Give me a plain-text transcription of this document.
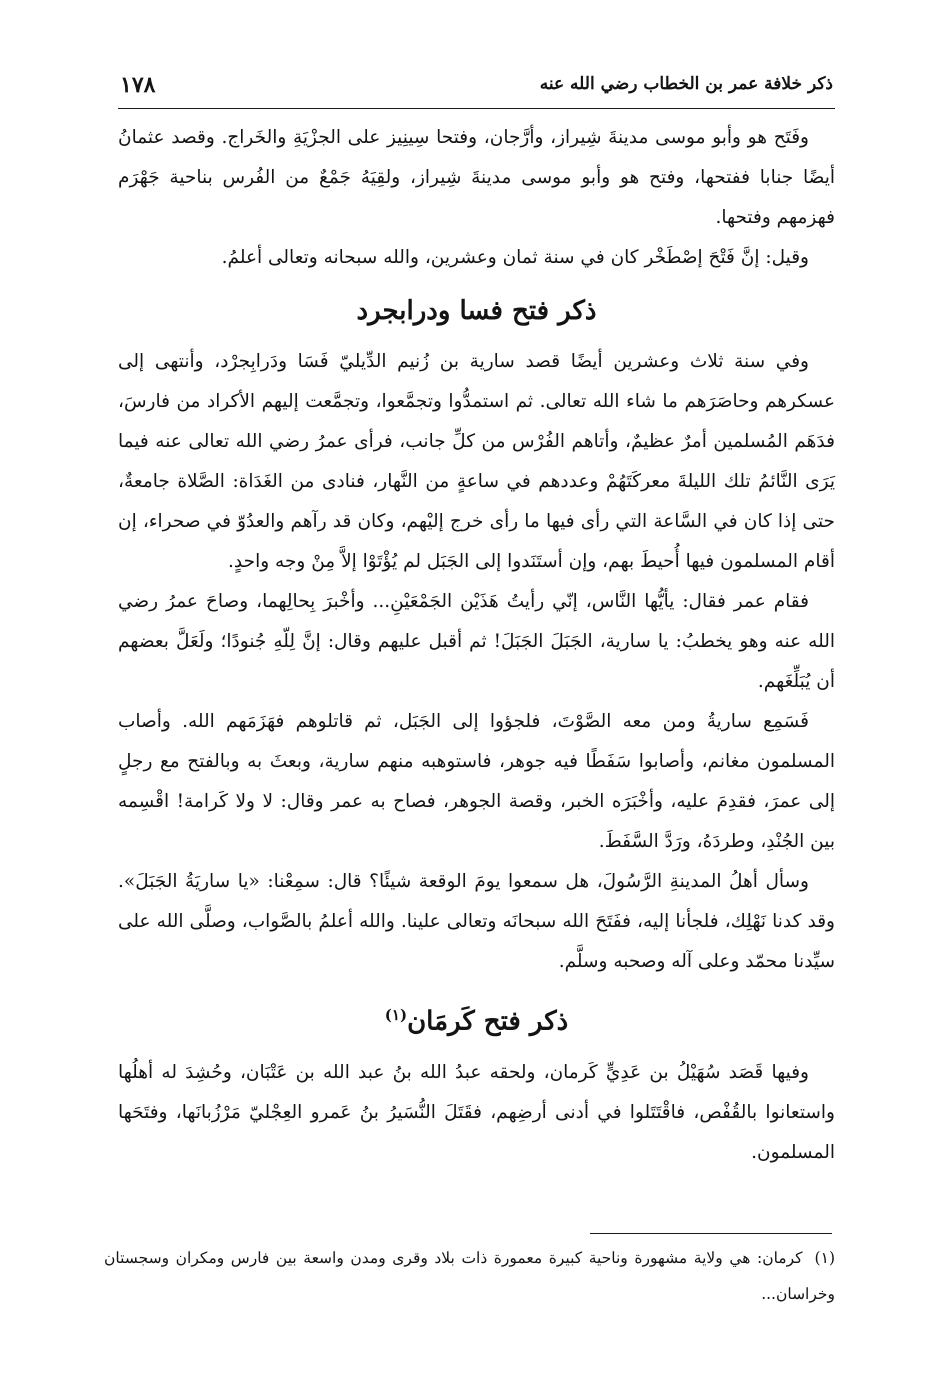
ذكر خلافة عمر بن الخطاب رضي الله عنه
١٧٨

وفَتَح هو وأبو موسى مدينةَ شِيراز، وأرَّجان، وفتحا سِينِيز على الجزْيَةِ والخَراج. وقصد عثمانُ أيضًا جنابا ففتحها، وفتح هو وأبو موسى مدينةَ شِيراز، ولقِيَهُ جَمْعٌ من الفُرس بناحية جَهْرَم فهزمهم وفتحها.

وقيل: إنَّ فَتْحَ إصْطَخْر كان في سنة ثمان وعشرين، والله سبحانه وتعالى أعلمُ.

ذكر فتح فسا ودرابجرد

وفي سنة ثلاث وعشرين أيضًا قصد سارية بن زُنيم الدِّيليّ فَسَا ودَرابِجرْد، وأنتهى إلى عسكرهم وحاصَرَهم ما شاء الله تعالى. ثم استمدُّوا وتجمَّعوا، وتجمَّعت إليهم الأكراد من فارسَ، فدَهَم المُسلمين أمرٌ عظيمٌ، وأتاهم الفُرْس من كلِّ جانب، فرأى عمرُ رضي الله تعالى عنه فيما يَرَى النَّائمُ تلك الليلةَ معركَتَهُمْ وعددهم في ساعةٍ من النَّهار، فنادى من الغَدَاة: الصَّلاة جامعةٌ، حتى إذا كان في السَّاعة التي رأى فيها ما رأى خرج إليْهم، وكان قد رآهم والعدُوّ في صحراء، إن أقام المسلمون فيها أُحيطَ بهم، وإن أستَنَدوا إلى الجَبَل لم يُؤْتَوْا إلاَّ مِنْ وجه واحدٍ.

فقام عمر فقال: يأيُّها النَّاس، إنّي رأيتُ هَذَيْن الجَمْعَيْنِ... وأخْبرَ بِحالِهما، وصاحَ عمرُ رضي الله عنه وهو يخطبُ: يا سارية، الجَبَلَ الجَبَلَ! ثم أقبل عليهم وقال: إنَّ لِلّهِ جُنودًا؛ ولَعَلَّ بعضهم أن يُبَلِّغَهم.

فَسَمِع ساريةُ ومن معه الصَّوْتَ، فلجؤوا إلى الجَبَل، ثم قاتلوهم فهَزَمَهم الله. وأصاب المسلمون مغانم، وأصابوا سَفَطًا فيه جوهر، فاستوهبه منهم سارية، وبعثَ به وبالفتح مع رجلٍ إلى عمرَ، فقدِمَ عليه، وأخْبَرَه الخبر، وقصة الجوهر، فصاح به عمر وقال: لا ولا كَرامة! اقْسِمه بين الجُنْدِ، وطردَهُ، ورَدَّ السَّفَطَ.

وسأل أهلُ المدينةِ الرَّسُولَ، هل سمعوا يومَ الوقعة شيئًا؟ قال: سمِعْنا: «يا ساريَةُ الجَبَلَ». وقد كدنا نَهْلِك، فلجأنا إليه، ففَتَحَ الله سبحانَه وتعالى علينا. والله أعلمُ بالصَّواب، وصلَّى الله على سيِّدنا محمّد وعلى آله وصحبه وسلَّم.

ذكر فتح كَرمَان$^{(١)}$

وفيها قَصَد سُهَيْلُ بن عَدِيٍّ كَرمان، ولحقه عبدُ الله بنُ عبد الله بن عَتْبَان، وحُشِدَ له أهلُها واستعانوا بالقُفْص، فاقْتَتَلوا في أدنى أرضِهم، فقَتَلَ النُّسَيرُ بنُ عَمرو العِجْليّ مَرْزُبانَها، وفتَحَها المسلمون.

(١)كرمان: هي ولاية مشهورة وناحية كبيرة معمورة ذات بلاد وقرى ومدن واسعة بين فارس ومكران وسجستان وخراسان...
